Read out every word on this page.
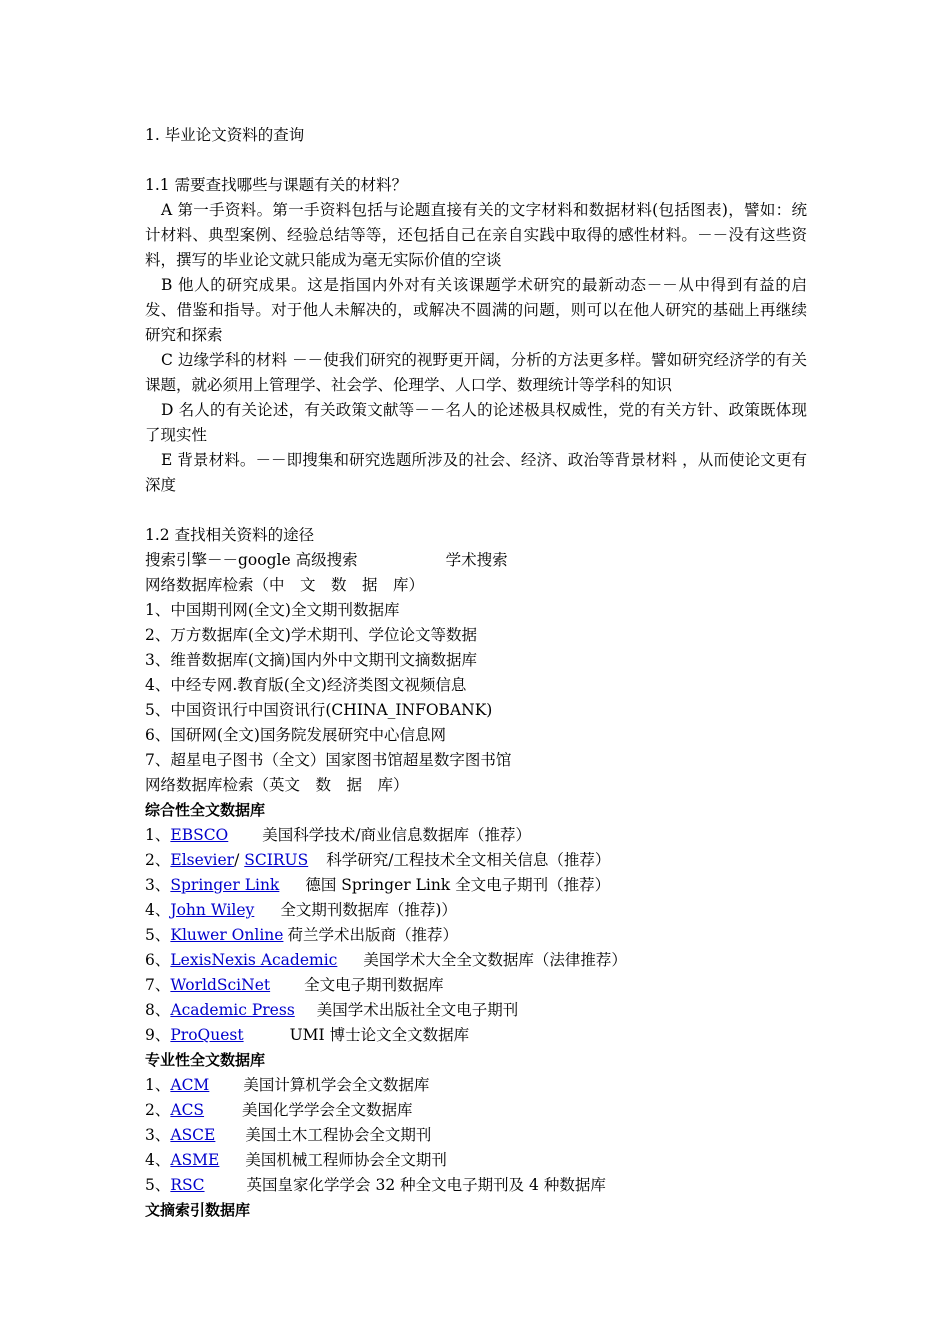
1. 毕业论文资料的查询
1.1 需要查找哪些与课题有关的材料？
A 第一手资料。第一手资料包括与论题直接有关的文字材料和数据材料(包括图表)，譬如：统计材料、典型案例、经验总结等等，还包括自己在亲自实践中取得的感性材料。－－没有这些资料，撰写的毕业论文就只能成为毫无实际价值的空谈
B 他人的研究成果。这是指国内外对有关该课题学术研究的最新动态－－从中得到有益的启发、借鉴和指导。对于他人未解决的，或解决不圆满的问题，则可以在他人研究的基础上再继续研究和探索
C 边缘学科的材料 －－使我们研究的视野更开阔，分析的方法更多样。譬如研究经济学的有关课题，就必须用上管理学、社会学、伦理学、人口学、数理统计等学科的知识
D 名人的有关论述，有关政策文献等－－名人的论述极具权威性，党的有关方针、政策既体现了现实性
E 背景材料。－－即搜集和研究选题所涉及的社会、经济、政治等背景材料 ，从而使论文更有深度
1.2 查找相关资料的途径
搜索引擎－－google 高级搜索	学术搜索
网络数据库检索（中　文　数　据　库）
1、中国期刊网(全文)全文期刊数据库
2、万方数据库(全文)学术期刊、学位论文等数据
3、维普数据库(文摘)国内外中文期刊文摘数据库
4、中经专网.教育版(全文)经济类图文视频信息
5、中国资讯行中国资讯行(CHINA_INFOBANK)
6、国研网(全文)国务院发展研究中心信息网
7、超星电子图书（全文）国家图书馆超星数字图书馆
网络数据库检索（英文　数　据　库）
综合性全文数据库
1、EBSCO 美国科学技术/商业信息数据库（推荐）
2、Elsevier/ SCIRUS 科学研究/工程技术全文相关信息（推荐）
3、Springer Link 德国 Springer Link 全文电子期刊（推荐）
4、John Wiley 全文期刊数据库（推荐)）
5、Kluwer Online 荷兰学术出版商（推荐）
6、LexisNexis Academic 美国学术大全全文数据库（法律推荐）
7、WorldSciNet 全文电子期刊数据库
8、Academic Press 美国学术出版社全文电子期刊
9、ProQuest	UMI 博士论文全文数据库
专业性全文数据库
1、ACM 美国计算机学会全文数据库
2、ACS 美国化学学会全文数据库
3、ASCE 美国土木工程协会全文期刊
4、ASME 美国机械工程师协会全文期刊
5、RSC	英国皇家化学学会 32 种全文电子期刊及 4 种数据库
文摘索引数据库
